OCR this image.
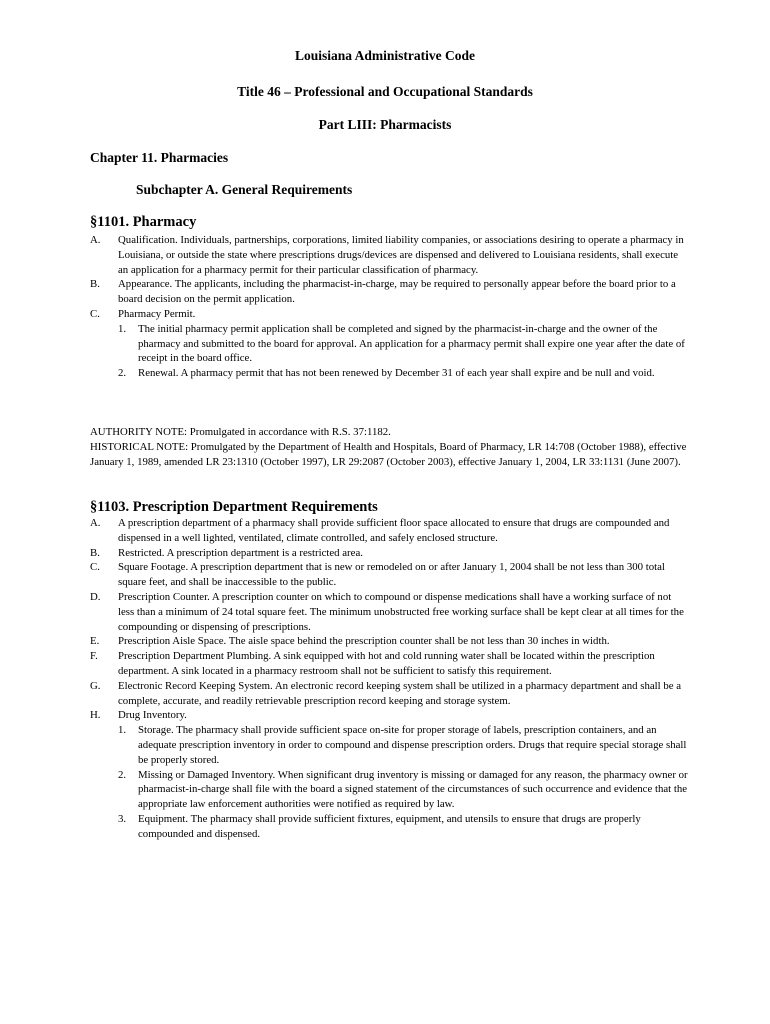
Louisiana Administrative Code
Title 46 – Professional and Occupational Standards
Part LIII: Pharmacists
Chapter 11. Pharmacies
Subchapter A. General Requirements
§1101. Pharmacy
A.	Qualification. Individuals, partnerships, corporations, limited liability companies, or associations desiring to operate a pharmacy in Louisiana, or outside the state where prescriptions drugs/devices are dispensed and delivered to Louisiana residents, shall execute an application for a pharmacy permit for their particular classification of pharmacy.
B.	Appearance. The applicants, including the pharmacist-in-charge, may be required to personally appear before the board prior to a board decision on the permit application.
C.	Pharmacy Permit.
1.	The initial pharmacy permit application shall be completed and signed by the pharmacist-in-charge and the owner of the pharmacy and submitted to the board for approval. An application for a pharmacy permit shall expire one year after the date of receipt in the board office.
2.	Renewal. A pharmacy permit that has not been renewed by December 31 of each year shall expire and be null and void.
AUTHORITY NOTE: Promulgated in accordance with R.S. 37:1182.
HISTORICAL NOTE: Promulgated by the Department of Health and Hospitals, Board of Pharmacy, LR 14:708 (October 1988), effective January 1, 1989, amended LR 23:1310 (October 1997), LR 29:2087 (October 2003), effective January 1, 2004, LR 33:1131 (June 2007).
§1103. Prescription Department Requirements
A.	A prescription department of a pharmacy shall provide sufficient floor space allocated to ensure that drugs are compounded and dispensed in a well lighted, ventilated, climate controlled, and safely enclosed structure.
B.	Restricted. A prescription department is a restricted area.
C.	Square Footage. A prescription department that is new or remodeled on or after January 1, 2004 shall be not less than 300 total square feet, and shall be inaccessible to the public.
D.	Prescription Counter. A prescription counter on which to compound or dispense medications shall have a working surface of not less than a minimum of 24 total square feet. The minimum unobstructed free working surface shall be kept clear at all times for the compounding or dispensing of prescriptions.
E.	Prescription Aisle Space. The aisle space behind the prescription counter shall be not less than 30 inches in width.
F.	Prescription Department Plumbing. A sink equipped with hot and cold running water shall be located within the prescription department. A sink located in a pharmacy restroom shall not be sufficient to satisfy this requirement.
G.	Electronic Record Keeping System. An electronic record keeping system shall be utilized in a pharmacy department and shall be a complete, accurate, and readily retrievable prescription record keeping and storage system.
H.	Drug Inventory.
1.	Storage. The pharmacy shall provide sufficient space on-site for proper storage of labels, prescription containers, and an adequate prescription inventory in order to compound and dispense prescription orders. Drugs that require special storage shall be properly stored.
2.	Missing or Damaged Inventory. When significant drug inventory is missing or damaged for any reason, the pharmacy owner or pharmacist-in-charge shall file with the board a signed statement of the circumstances of such occurrence and evidence that the appropriate law enforcement authorities were notified as required by law.
3.	Equipment. The pharmacy shall provide sufficient fixtures, equipment, and utensils to ensure that drugs are properly compounded and dispensed.
